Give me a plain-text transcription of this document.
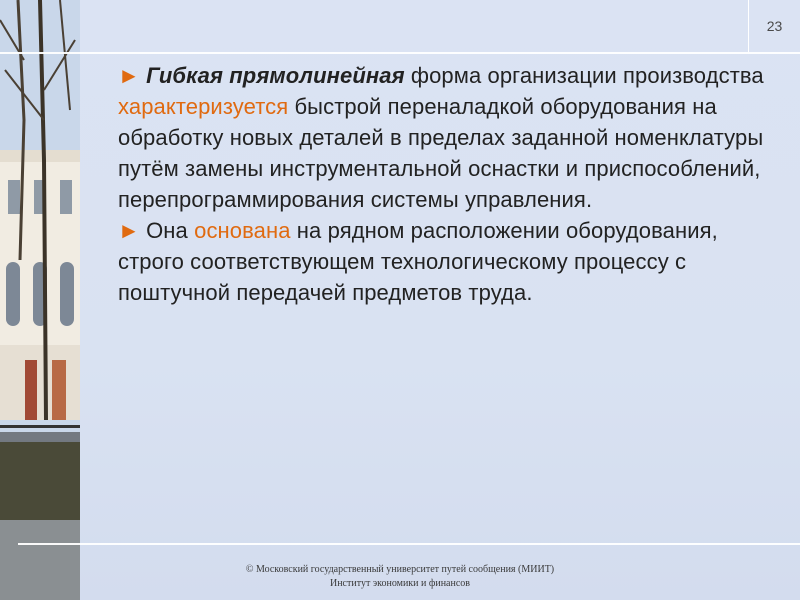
23

► Гибкая прямолинейная форма организации производства характеризуется быстрой переналадкой оборудования на обработку новых деталей в пределах заданной номенклатуры путём замены инструментальной оснастки и приспособлений, перепрограммирования системы управления.

► Она основана на рядном расположении оборудования, строго соответствующем технологическому процессу с поштучной передачей предметов труда.

© Московский государственный университет путей сообщения (МИИТ)
Институт экономики и финансов
